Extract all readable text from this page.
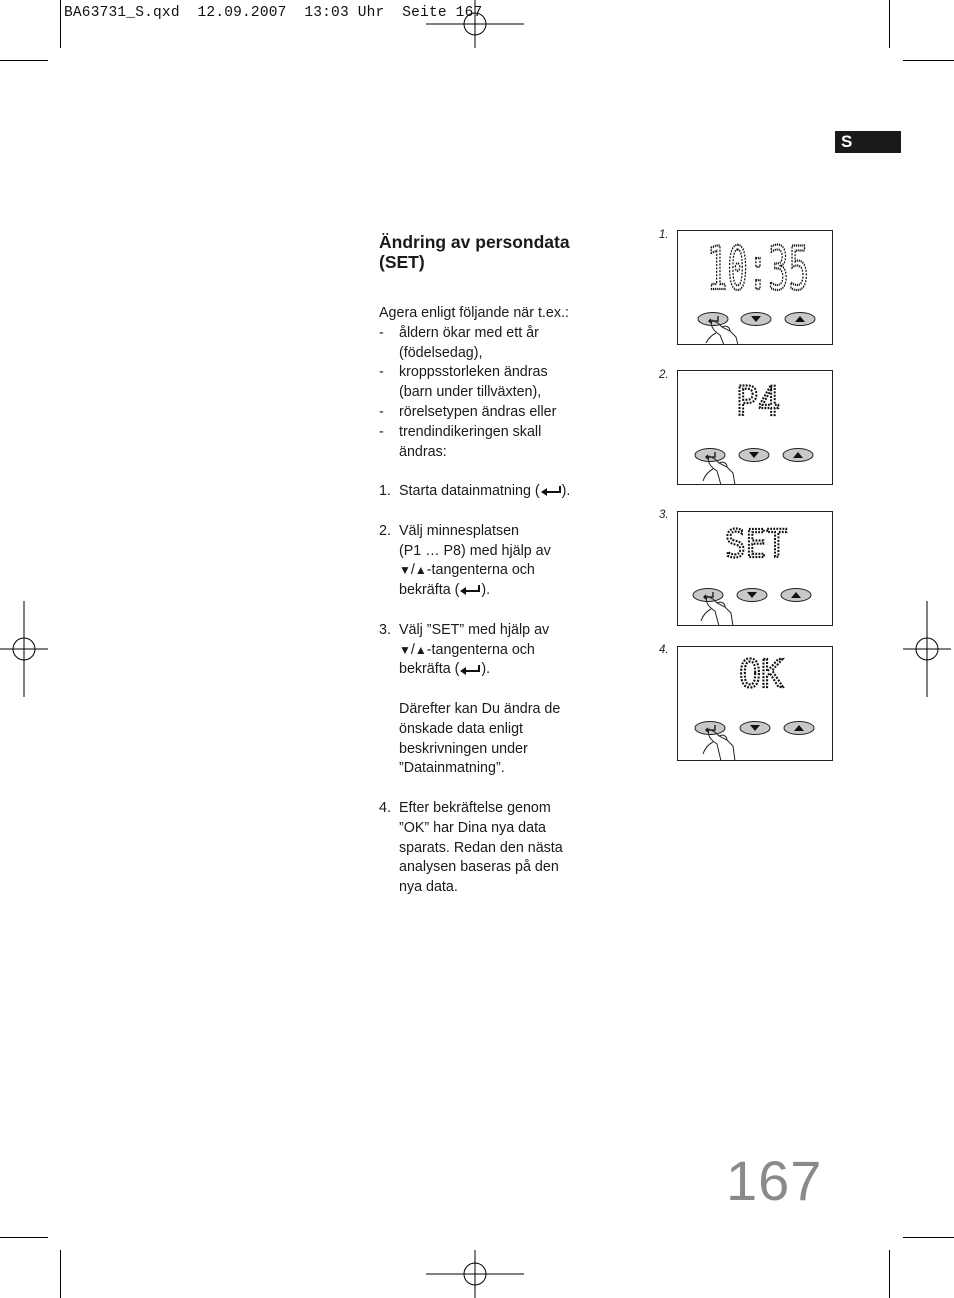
BA63731_S.qxd  12.09.2007  13:03 Uhr  Seite 167
S
Ändring av persondata
(SET)
Agera enligt följande när t.ex.:
- åldern ökar med ett år
(födelsedag),
- kroppsstorleken ändras
(barn under tillväxten),
- rörelsetypen ändras eller
- trendindikeringen skall
ändras:
1. Starta datainmatning ( ).
2. Välj minnesplatsen
(P1 … P8) med hjälp av
▼/▲-tangenterna och
bekräfta ( ).
3. Välj ”SET” med hjälp av
▼/▲-tangenterna och
bekräfta ( ).
Därefter kan Du ändra de
önskade data enligt
beskrivningen under
”Datainmatning”.
4. Efter bekräftelse genom
”OK” har Dina nya data
sparats. Redan den nästa
analysen baseras på den
nya data.
1. 10:35
2.
P4
3.
SET
4.
OK
167
